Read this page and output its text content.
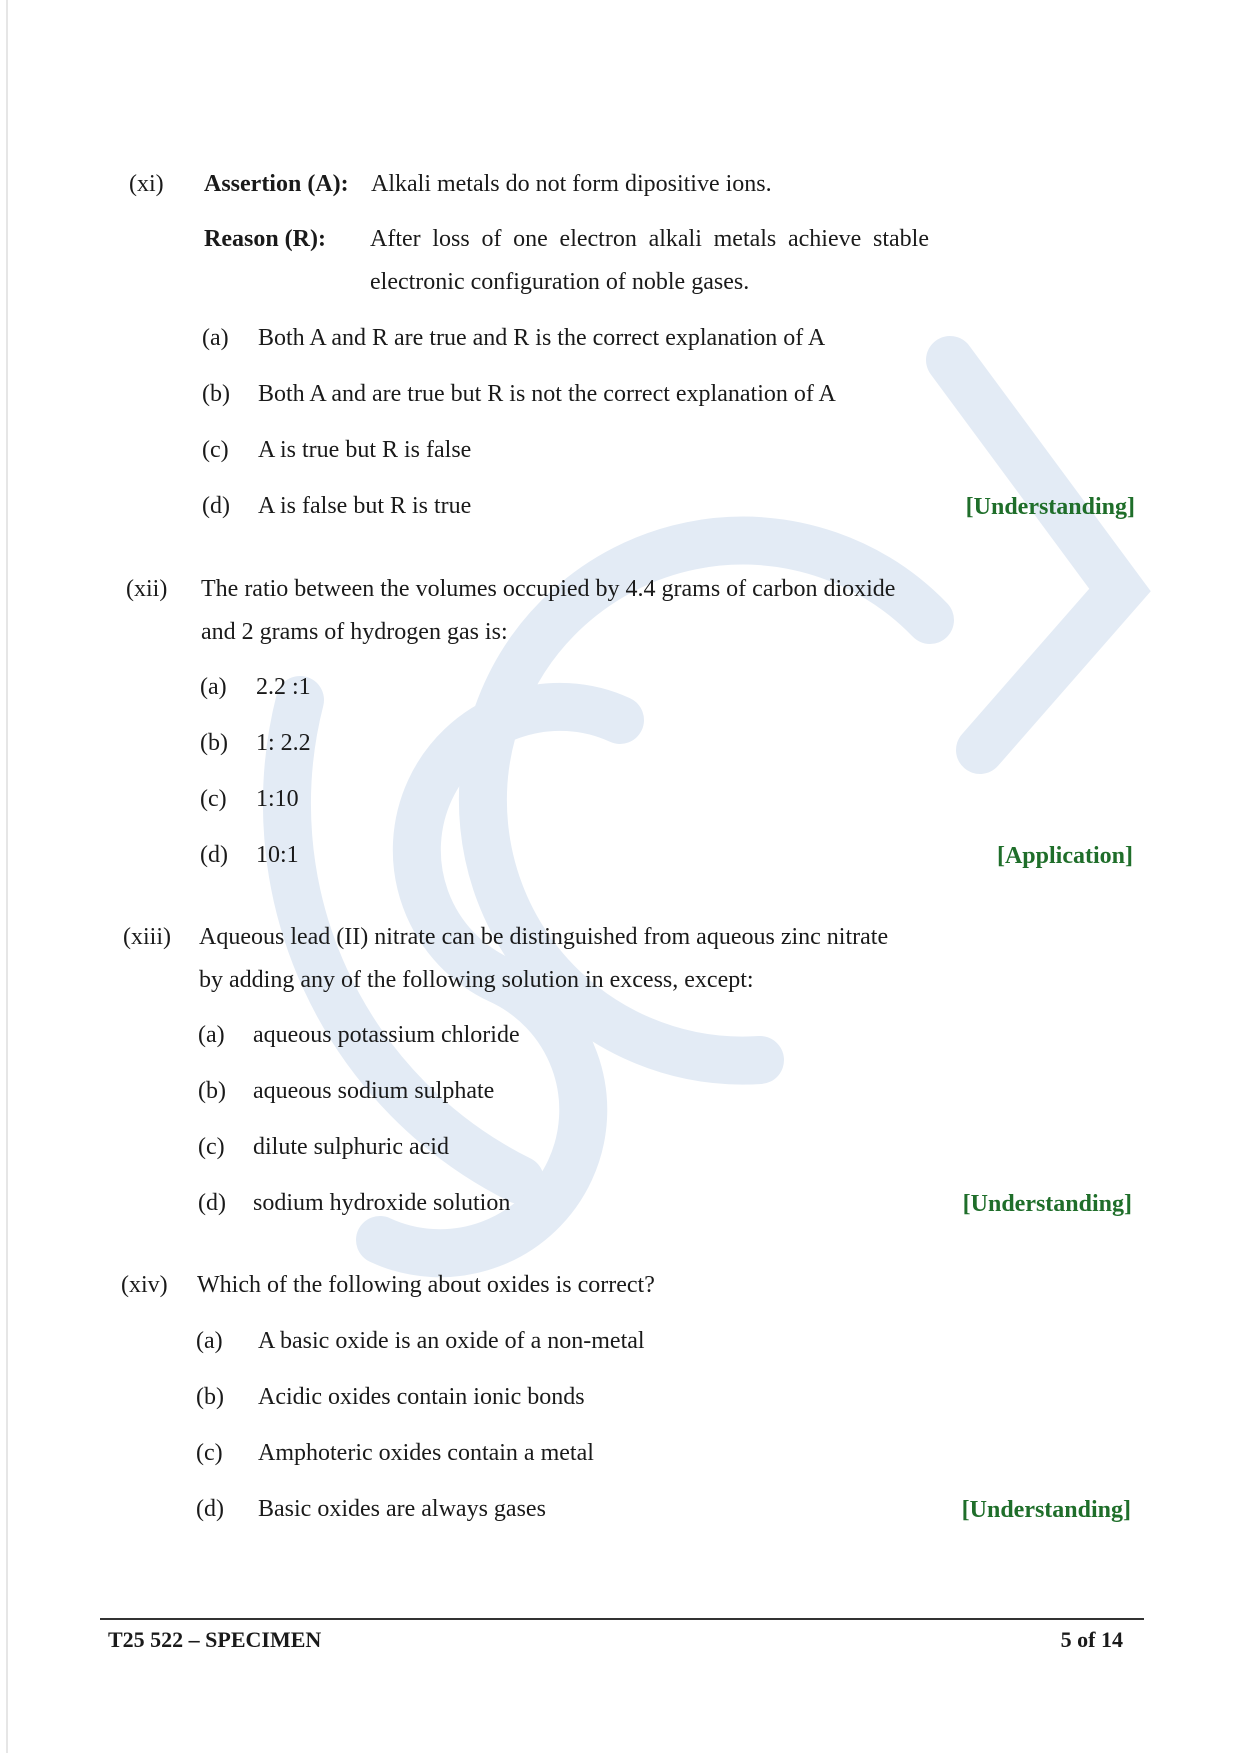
(xi) Assertion (A): Alkali metals do not form dipositive ions.
Reason (R): After loss of one electron alkali metals achieve stable
electronic configuration of noble gases.
(a) Both A and R are true and R is the correct explanation of A
(b) Both A and are true but R is not the correct explanation of A
(c) A is true but R is false
(d) A is false but R is true	[Understanding]
(xii) The ratio between the volumes occupied by 4.4 grams of carbon dioxide
and 2 grams of hydrogen gas is:
(a) 2.2 :1
(b) 1: 2.2
(c) 1:10
(d) 10:1	[Application]
(xiii) Aqueous lead (II) nitrate can be distinguished from aqueous zinc nitrate
by adding any of the following solution in excess, except:
(a) aqueous potassium chloride
(b) aqueous sodium sulphate
(c) dilute sulphuric acid
(d) sodium hydroxide solution	[Understanding]
(xiv) Which of the following about oxides is correct?
(a) A basic oxide is an oxide of a non-metal
(b) Acidic oxides contain ionic bonds
(c) Amphoteric oxides contain a metal
(d) Basic oxides are always gases	[Understanding]
T25 522 – SPECIMEN	5 of 14
